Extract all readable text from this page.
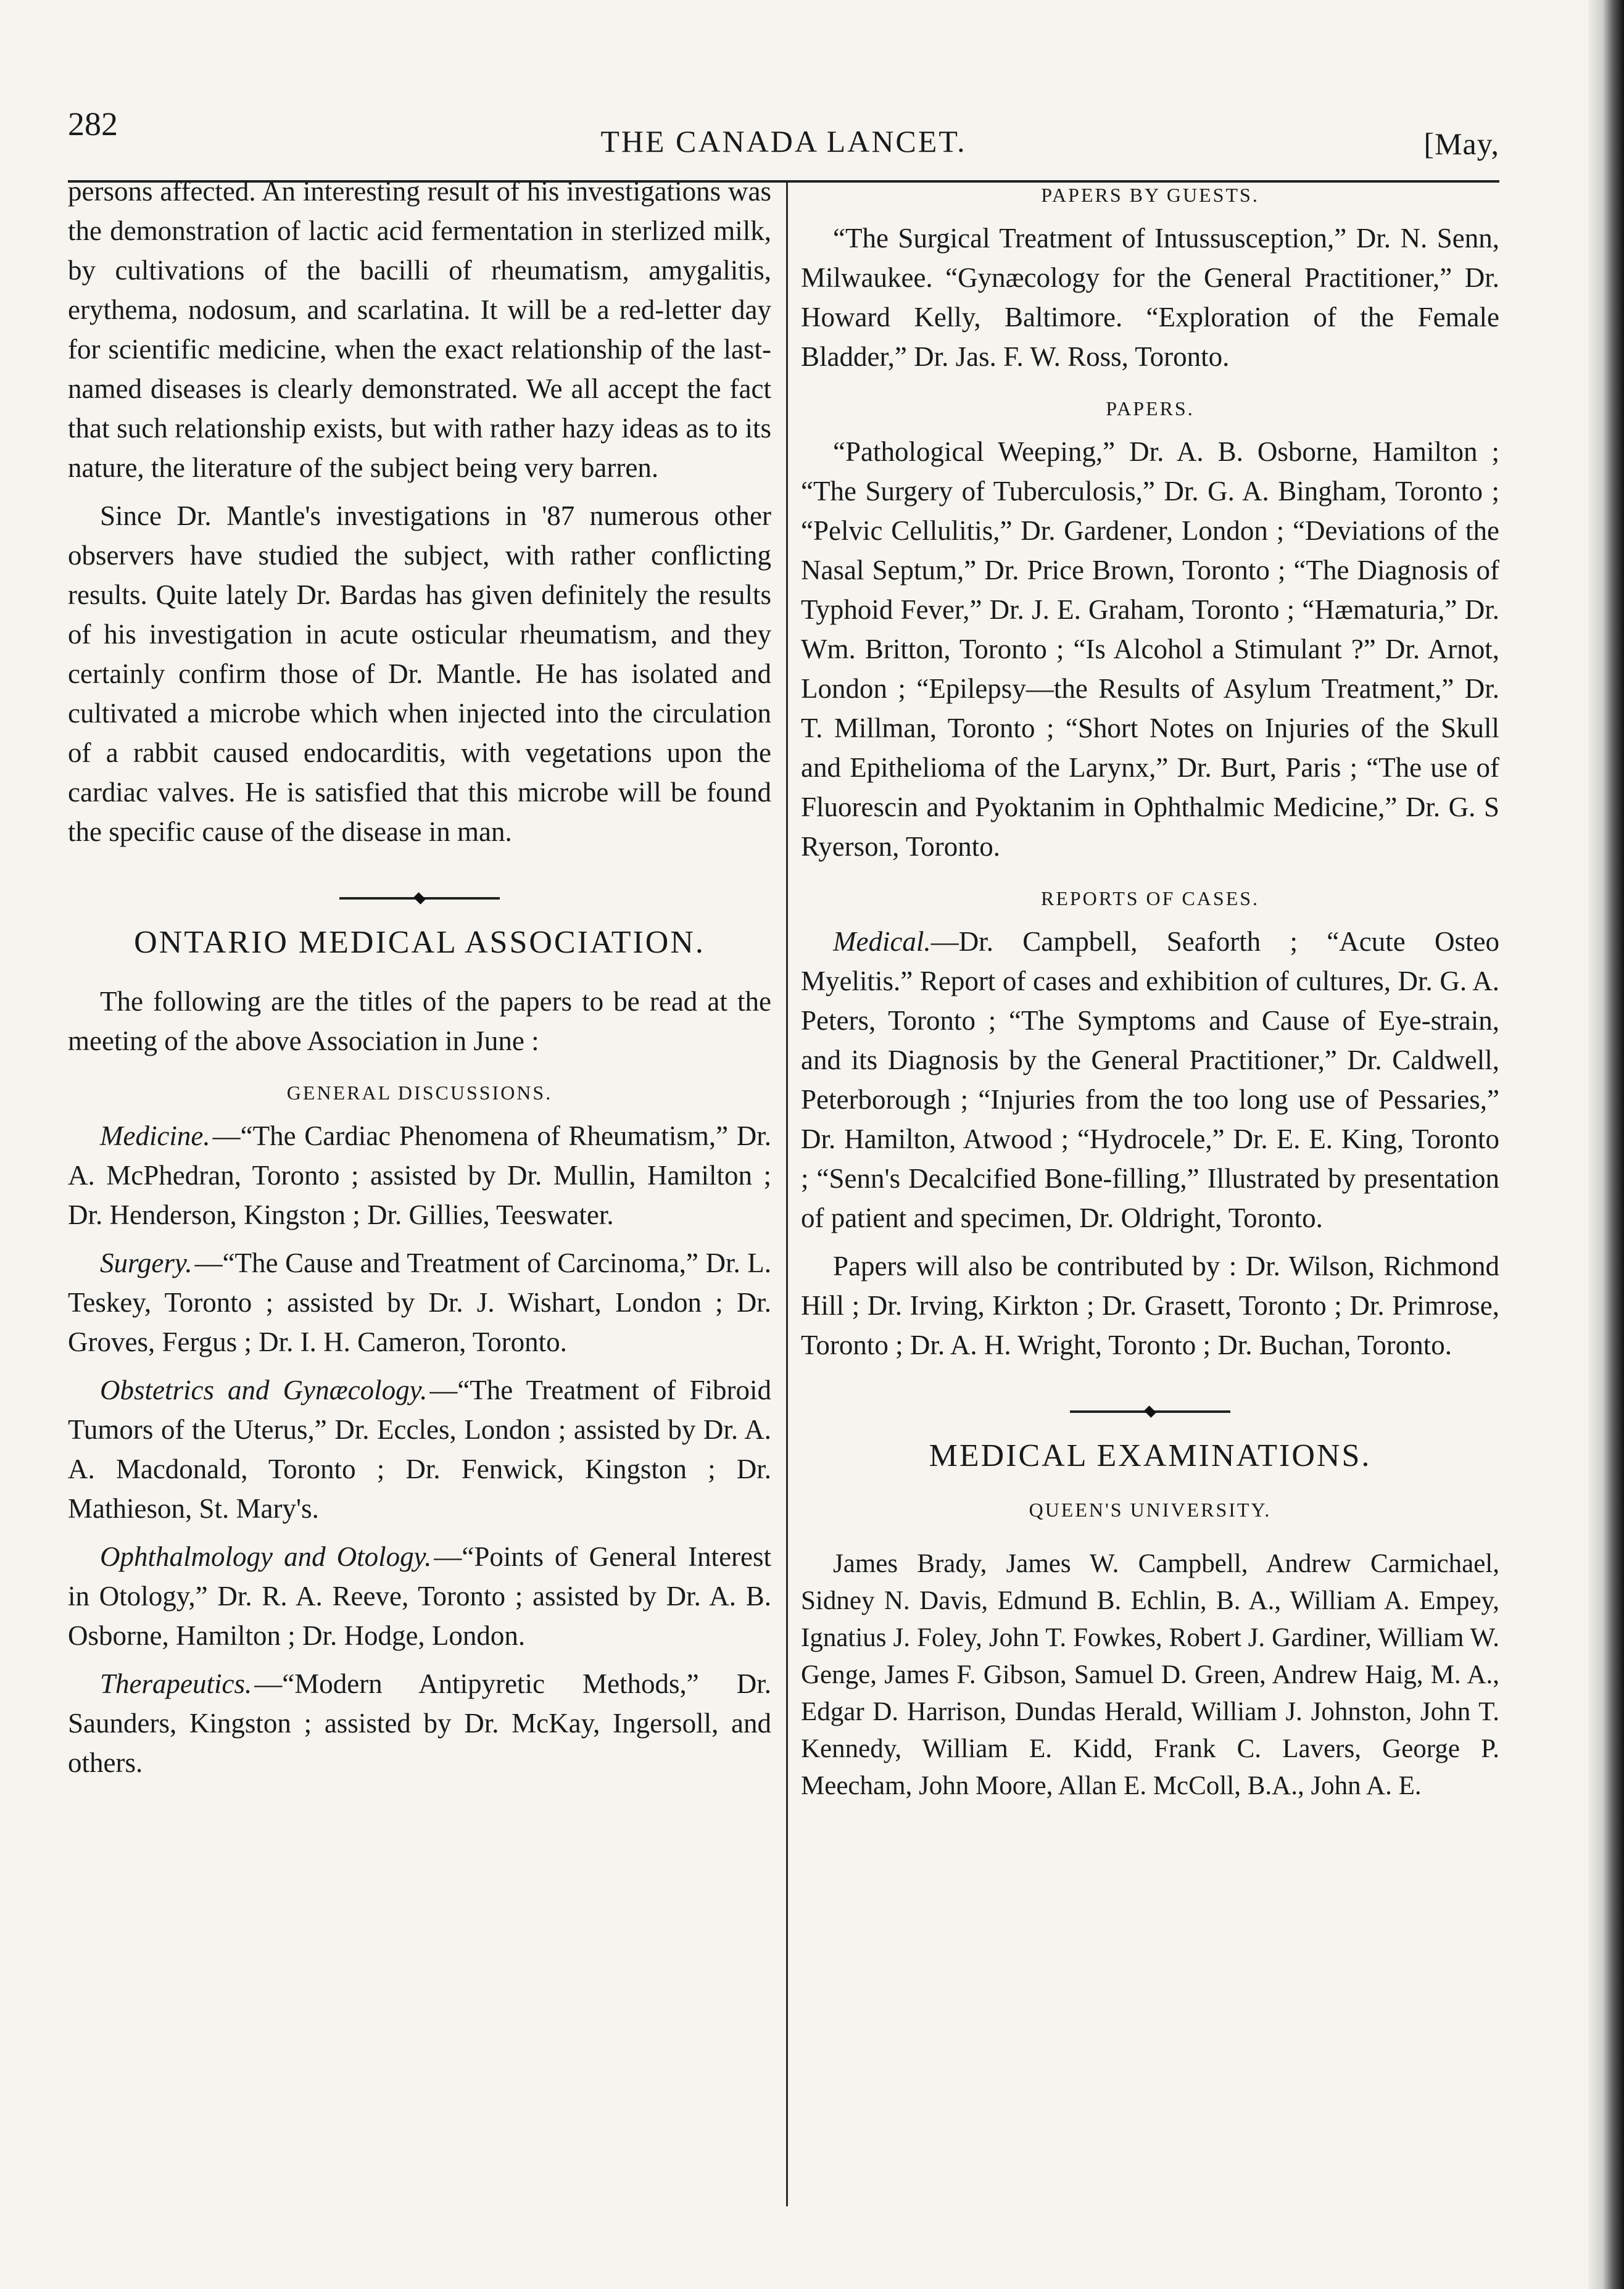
282	THE CANADA LANCET.	[May,

persons affected. An interesting result of his investigations was the demonstration of lactic acid fermentation in sterlized milk, by cultivations of the bacilli of rheumatism, amygalitis, erythema, nodosum, and scarlatina. It will be a red-letter day for scientific medicine, when the exact relationship of the last-named diseases is clearly demonstrated. We all accept the fact that such relationship exists, but with rather hazy ideas as to its nature, the literature of the subject being very barren.

Since Dr. Mantle's investigations in '87 numerous other observers have studied the subject, with rather conflicting results. Quite lately Dr. Bardas has given definitely the results of his investigation in acute osticular rheumatism, and they certainly confirm those of Dr. Mantle. He has isolated and cultivated a microbe which when injected into the circulation of a rabbit caused endocarditis, with vegetations upon the cardiac valves. He is satisfied that this microbe will be found the specific cause of the disease in man.

ONTARIO MEDICAL ASSOCIATION.

The following are the titles of the papers to be read at the meeting of the above Association in June :

GENERAL DISCUSSIONS.

Medicine.—“The Cardiac Phenomena of Rheumatism,” Dr. A. McPhedran, Toronto ; assisted by Dr. Mullin, Hamilton ; Dr. Henderson, Kingston ; Dr. Gillies, Teeswater.

Surgery.—“The Cause and Treatment of Carcinoma,” Dr. L. Teskey, Toronto ; assisted by Dr. J. Wishart, London ; Dr. Groves, Fergus ; Dr. I. H. Cameron, Toronto.

Obstetrics and Gynæcology.—“The Treatment of Fibroid Tumors of the Uterus,” Dr. Eccles, London ; assisted by Dr. A. A. Macdonald, Toronto ; Dr. Fenwick, Kingston ; Dr. Mathieson, St. Mary's.

Ophthalmology and Otology.—“Points of General Interest in Otology,” Dr. R. A. Reeve, Toronto ; assisted by Dr. A. B. Osborne, Hamilton ; Dr. Hodge, London.

Therapeutics.—“Modern Antipyretic Methods,” Dr. Saunders, Kingston ; assisted by Dr. McKay, Ingersoll, and others.

PAPERS BY GUESTS.

“The Surgical Treatment of Intussusception,” Dr. N. Senn, Milwaukee. “Gynæcology for the General Practitioner,” Dr. Howard Kelly, Baltimore. “Exploration of the Female Bladder,” Dr. Jas. F. W. Ross, Toronto.

PAPERS.

“Pathological Weeping,” Dr. A. B. Osborne, Hamilton ; “The Surgery of Tuberculosis,” Dr. G. A. Bingham, Toronto ; “Pelvic Cellulitis,” Dr. Gardener, London ; “Deviations of the Nasal Septum,” Dr. Price Brown, Toronto ; “The Diagnosis of Typhoid Fever,” Dr. J. E. Graham, Toronto ; “Hæmaturia,” Dr. Wm. Britton, Toronto ; “Is Alcohol a Stimulant ?” Dr. Arnot, London ; “Epilepsy—the Results of Asylum Treatment,” Dr. T. Millman, Toronto ; “Short Notes on Injuries of the Skull and Epithelioma of the Larynx,” Dr. Burt, Paris ; “The use of Fluorescin and Pyoktanim in Ophthalmic Medicine,” Dr. G. S Ryerson, Toronto.

REPORTS OF CASES.

Medical.—Dr. Campbell, Seaforth ; “Acute Osteo Myelitis.” Report of cases and exhibition of cultures, Dr. G. A. Peters, Toronto ; “The Symptoms and Cause of Eye-strain, and its Diagnosis by the General Practitioner,” Dr. Caldwell, Peterborough ; “Injuries from the too long use of Pessaries,” Dr. Hamilton, Atwood ; “Hydrocele,” Dr. E. E. King, Toronto ; “Senn's Decalcified Bone-filling,” Illustrated by presentation of patient and specimen, Dr. Oldright, Toronto.

Papers will also be contributed by : Dr. Wilson, Richmond Hill ; Dr. Irving, Kirkton ; Dr. Grasett, Toronto ; Dr. Primrose, Toronto ; Dr. A. H. Wright, Toronto ; Dr. Buchan, Toronto.

MEDICAL EXAMINATIONS.
QUEEN'S UNIVERSITY.

James Brady, James W. Campbell, Andrew Carmichael, Sidney N. Davis, Edmund B. Echlin, B. A., William A. Empey, Ignatius J. Foley, John T. Fowkes, Robert J. Gardiner, William W. Genge, James F. Gibson, Samuel D. Green, Andrew Haig, M. A., Edgar D. Harrison, Dundas Herald, William J. Johnston, John T. Kennedy, William E. Kidd, Frank C. Lavers, George P. Meecham, John Moore, Allan E. McColl, B.A., John A. E.
